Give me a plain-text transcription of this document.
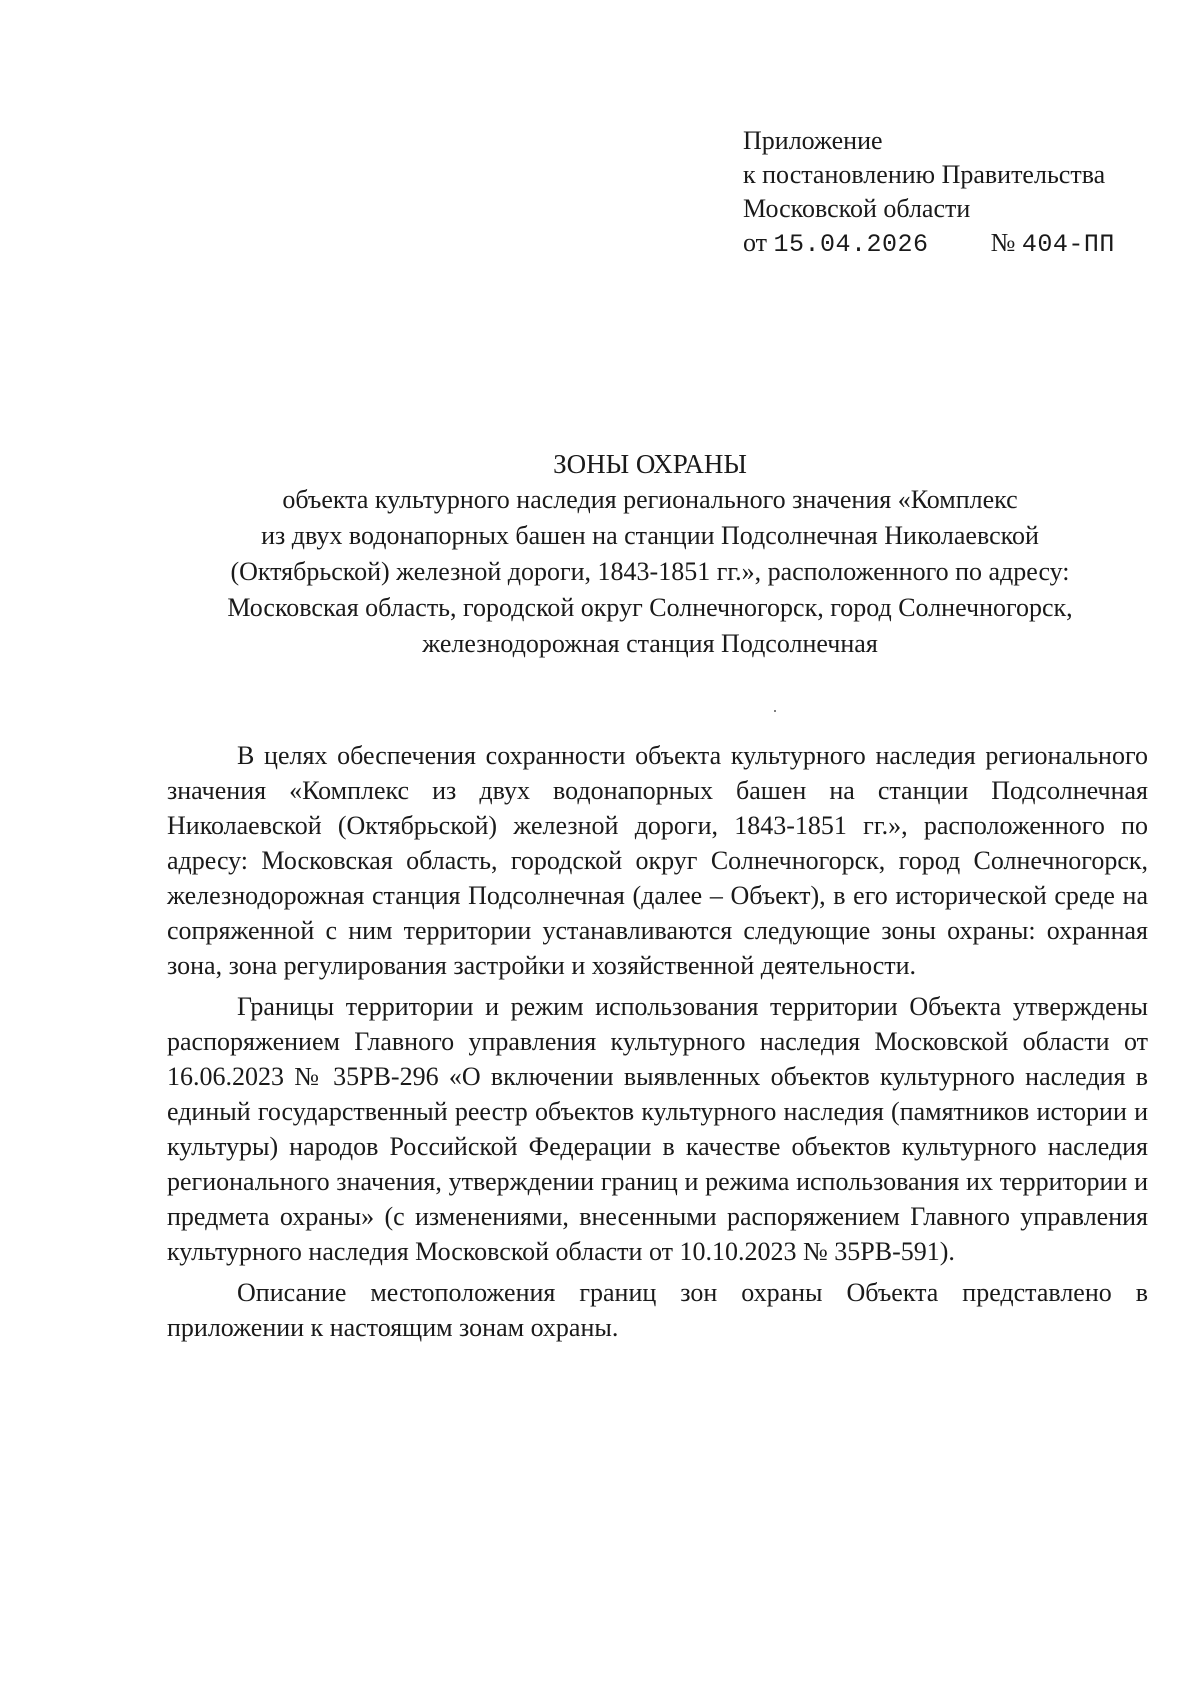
Приложение
к постановлению Правительства
Московской области
от 15.04.2026 № 404-ПП
ЗОНЫ ОХРАНЫ
объекта культурного наследия регионального значения «Комплекс
из двух водонапорных башен на станции Подсолнечная Николаевской
(Октябрьской) железной дороги, 1843-1851 гг.», расположенного по адресу:
Московская область, городской округ Солнечногорск, город Солнечногорск,
железнодорожная станция Подсолнечная

В целях обеспечения сохранности объекта культурного наследия регионального значения «Комплекс из двух водонапорных башен на станции Подсолнечная Николаевской (Октябрьской) железной дороги, 1843-1851 гг.», расположенного по адресу: Московская область, городской округ Солнечногорск, город Солнечногорск, железнодорожная станция Подсолнечная (далее – Объект), в его исторической среде на сопряженной с ним территории устанавливаются следующие зоны охраны: охранная зона, зона регулирования застройки и хозяйственной деятельности.

Границы территории и режим использования территории Объекта утверждены распоряжением Главного управления культурного наследия Московской области от 16.06.2023 № 35РВ-296 «О включении выявленных объектов культурного наследия в единый государственный реестр объектов культурного наследия (памятников истории и культуры) народов Российской Федерации в качестве объектов культурного наследия регионального значения, утверждении границ и режима использования их территории и предмета охраны» (с изменениями, внесенными распоряжением Главного управления культурного наследия Московской области от 10.10.2023 № 35РВ-591).

Описание местоположения границ зон охраны Объекта представлено в приложении к настоящим зонам охраны.
